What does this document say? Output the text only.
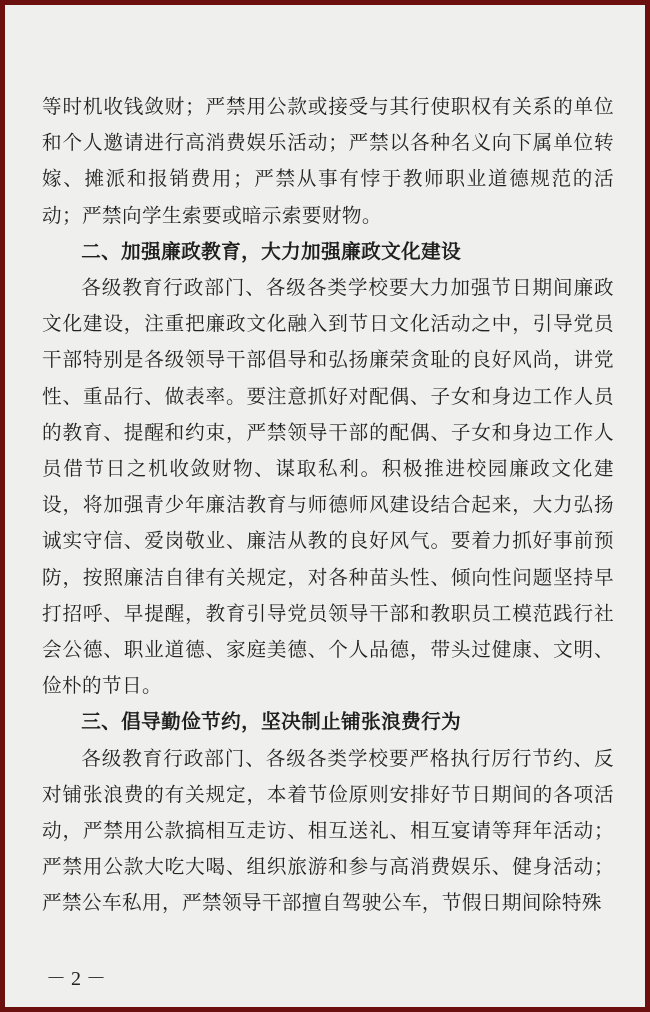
等时机收钱敛财；严禁用公款或接受与其行使职权有关系的单位和个人邀请进行高消费娱乐活动；严禁以各种名义向下属单位转嫁、摊派和报销费用；严禁从事有悖于教师职业道德规范的活动；严禁向学生索要或暗示索要财物。

二、加强廉政教育，大力加强廉政文化建设

各级教育行政部门、各级各类学校要大力加强节日期间廉政文化建设，注重把廉政文化融入到节日文化活动之中，引导党员干部特别是各级领导干部倡导和弘扬廉荣贪耻的良好风尚，讲党性、重品行、做表率。要注意抓好对配偶、子女和身边工作人员的教育、提醒和约束，严禁领导干部的配偶、子女和身边工作人员借节日之机收敛财物、谋取私利。积极推进校园廉政文化建设，将加强青少年廉洁教育与师德师风建设结合起来，大力弘扬诚实守信、爱岗敬业、廉洁从教的良好风气。要着力抓好事前预防，按照廉洁自律有关规定，对各种苗头性、倾向性问题坚持早打招呼、早提醒，教育引导党员领导干部和教职员工模范践行社会公德、职业道德、家庭美德、个人品德，带头过健康、文明、俭朴的节日。

三、倡导勤俭节约，坚决制止铺张浪费行为

各级教育行政部门、各级各类学校要严格执行厉行节约、反对铺张浪费的有关规定，本着节俭原则安排好节日期间的各项活动，严禁用公款搞相互走访、相互送礼、相互宴请等拜年活动；严禁用公款大吃大喝、组织旅游和参与高消费娱乐、健身活动；严禁公车私用，严禁领导干部擅自驾驶公车，节假日期间除特殊

－ 2 －
